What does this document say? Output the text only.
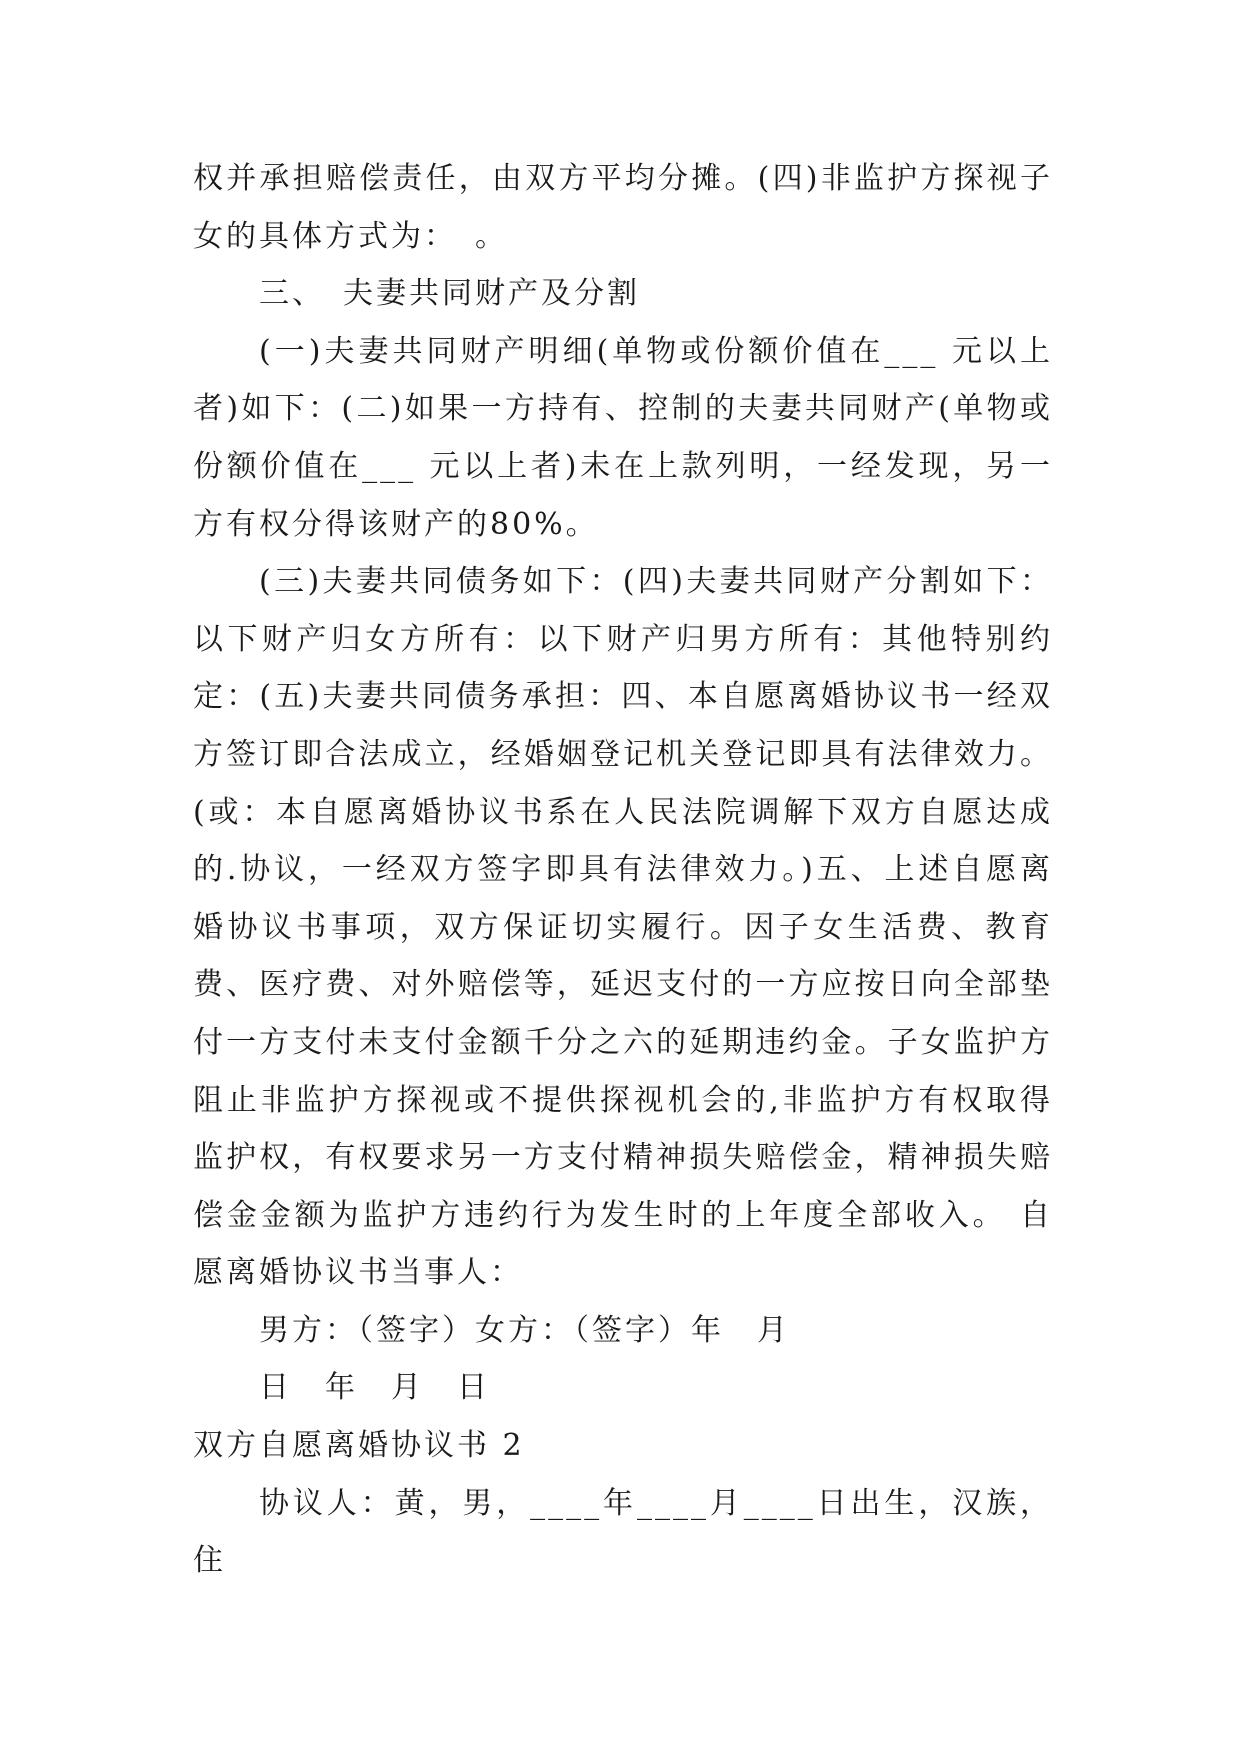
权并承担赔偿责任，由双方平均分摊。(四)非监护方探视子女的具体方式为：　。

三、　夫妻共同财产及分割

(一)夫妻共同财产明细(单物或份额价值在___ 元以上者)如下：(二)如果一方持有、控制的夫妻共同财产(单物或份额价值在___ 元以上者)未在上款列明，一经发现，另一方有权分得该财产的80%。

(三)夫妻共同债务如下：(四)夫妻共同财产分割如下：以下财产归女方所有：以下财产归男方所有：其他特别约定：(五)夫妻共同债务承担：四、本自愿离婚协议书一经双方签订即合法成立，经婚姻登记机关登记即具有法律效力。(或：本自愿离婚协议书系在人民法院调解下双方自愿达成的.协议，一经双方签字即具有法律效力。)五、上述自愿离婚协议书事项，双方保证切实履行。因子女生活费、教育费、医疗费、对外赔偿等，延迟支付的一方应按日向全部垫付一方支付未支付金额千分之六的延期违约金。子女监护方阻止非监护方探视或不提供探视机会的,非监护方有权取得监护权，有权要求另一方支付精神损失赔偿金，精神损失赔偿金金额为监护方违约行为发生时的上年度全部收入。 自愿离婚协议书当事人：

男方：（签字）女方：（签字）年　月

日　年　月　日

双方自愿离婚协议书 2

协议人：黄，男，____年____月____日出生，汉族，住
